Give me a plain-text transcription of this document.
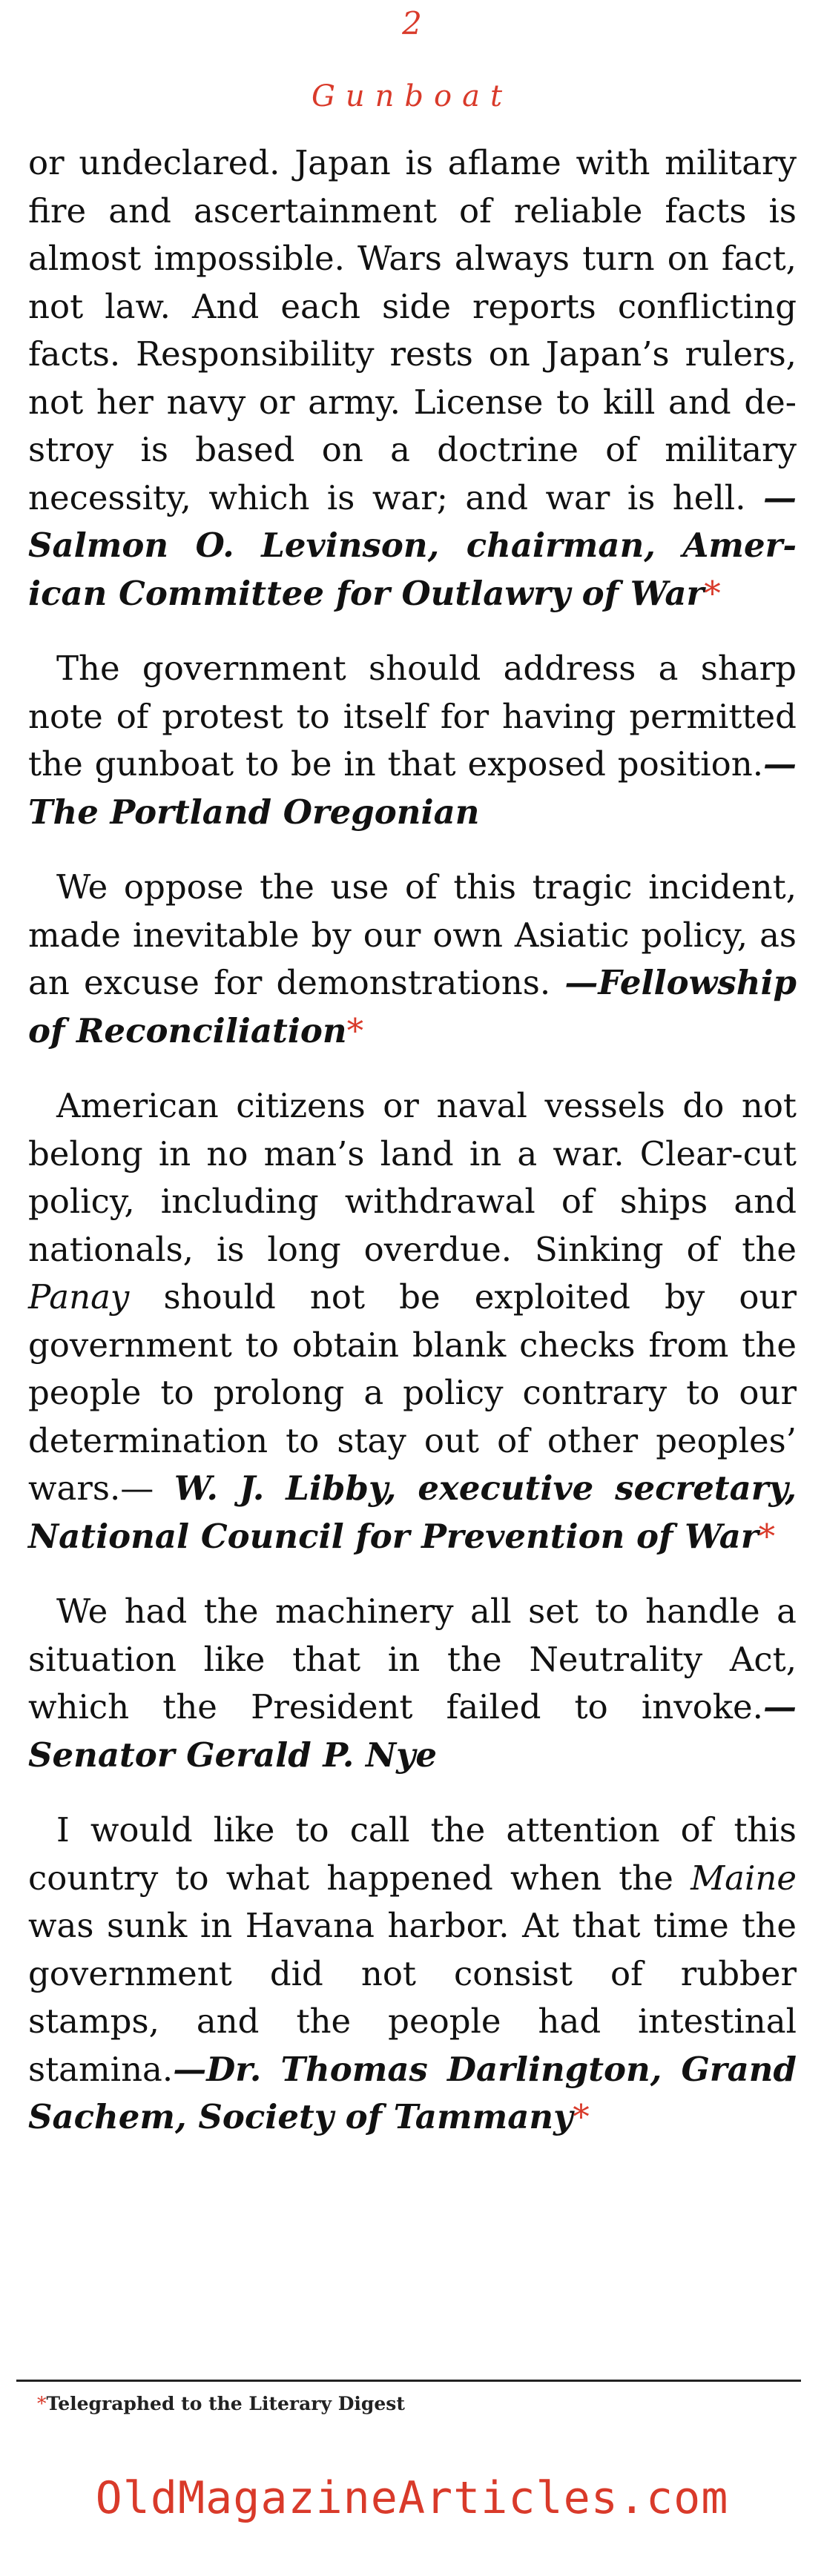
2
Gunboat

or undeclared. Japan is aflame with military fire and ascertainment of reliable facts is almost impossible. Wars always turn on fact, not law. And each side reports conflicting facts. Responsibility rests on Japan’s rulers, not her navy or army. License to kill and destroy is based on a doctrine of military necessity, which is war; and war is hell. —Salmon O. Levinson, chairman, American Committee for Outlawry of War*

The government should address a sharp note of protest to itself for having permitted the gunboat to be in that exposed position.—The Portland Oregonian

We oppose the use of this tragic incident, made inevitable by our own Asiatic policy, as an excuse for demonstrations. —Fellowship of Reconciliation*

American citizens or naval vessels do not belong in no man’s land in a war. Clear-cut policy, including withdrawal of ships and nationals, is long overdue. Sinking of the Panay should not be exploited by our government to obtain blank checks from the people to prolong a policy contrary to our determination to stay out of other peoples’ wars.— W. J. Libby, executive secretary, National Council for Prevention of War*

We had the machinery all set to handle a situation like that in the Neutrality Act, which the President failed to invoke.—Senator Gerald P. Nye

I would like to call the attention of this country to what happened when the Maine was sunk in Havana harbor. At that time the government did not consist of rubber stamps, and the people had intestinal stamina.—Dr. Thomas Darlington, Grand Sachem, Society of Tammany*

*Telegraphed to the Literary Digest
OldMagazineArticles.com
